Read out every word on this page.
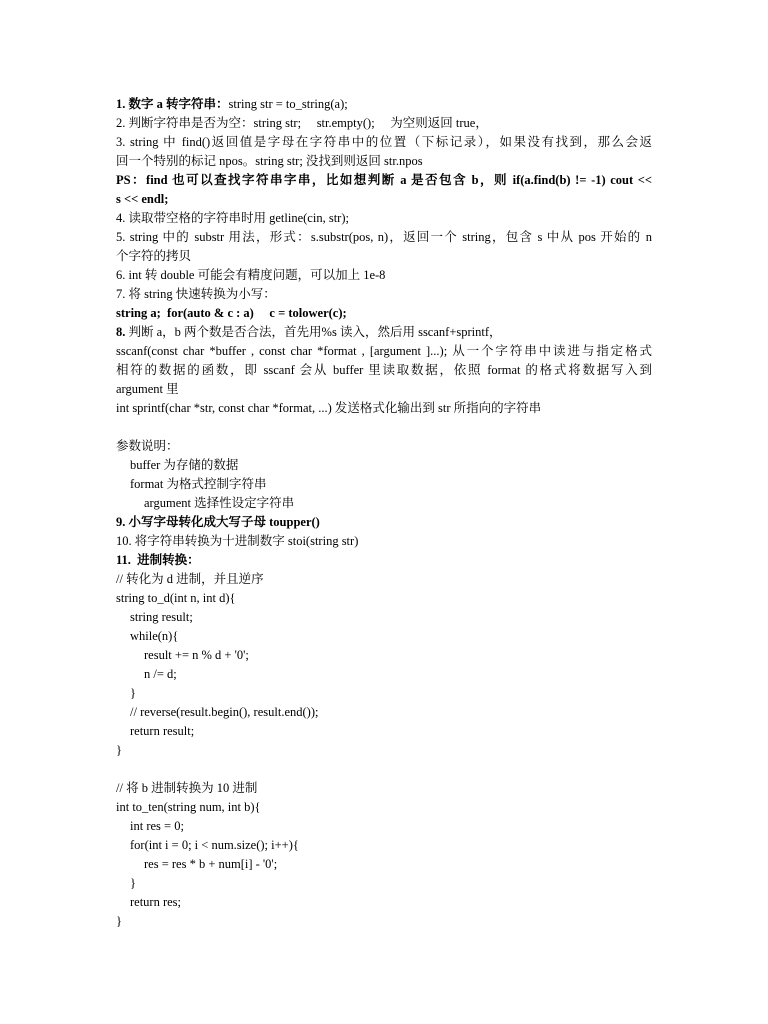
1. 数字 a 转字符串：string str = to_string(a);
2. 判断字符串是否为空：string str;     str.empty();     为空则返回 true，
3. string 中 find()返回值是字母在字符串中的位置（下标记录），如果没有找到，那么会返
回一个特别的标记 npos。string str; 没找到则返回 str.npos
PS：find 也可以查找字符串字串，比如想判断 a 是否包含 b，则 if(a.find(b) != -1) cout <<
s << endl;
4. 读取带空格的字符串时用 getline(cin, str);
5. string 中的 substr 用法，形式：s.substr(pos, n)，返回一个 string，包含 s 中从 pos 开始的 n
个字符的拷贝
6. int 转 double 可能会有精度问题，可以加上 1e-8
7. 将 string 快速转换为小写：
string a;  for(auto & c : a)     c = tolower(c);
8. 判断 a，b 两个数是否合法，首先用%s 读入，然后用 sscanf+sprintf，
sscanf(const char *buffer , const char *format , [argument ]...); 从一个字符串中读进与指定格式
相符的数据的函数，即 sscanf 会从 buffer 里读取数据，依照 format 的格式将数据写入到
argument 里
int sprintf(char *str, const char *format, ...) 发送格式化输出到 str 所指向的字符串
参数说明：
buffer 为存储的数据
format 为格式控制字符串
argument 选择性设定字符串
9. 小写字母转化成大写子母 toupper()
10. 将字符串转换为十进制数字 stoi(string str)
11.  进制转换：
// 转化为 d 进制，并且逆序
string to_d(int n, int d){
string result;
while(n){
result += n % d + '0';
n /= d;
}
// reverse(result.begin(), result.end());
return result;
}
// 将 b 进制转换为 10 进制
int to_ten(string num, int b){
int res = 0;
for(int i = 0; i < num.size(); i++){
res = res * b + num[i] - '0';
}
return res;
}
